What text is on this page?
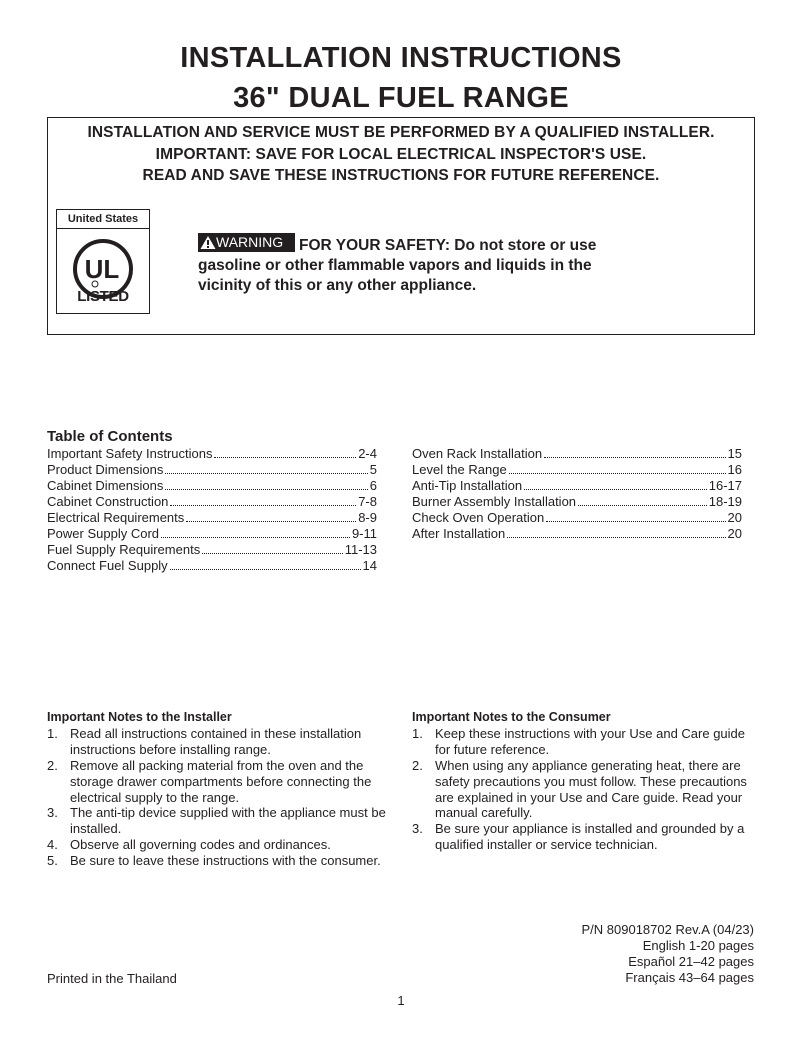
INSTALLATION INSTRUCTIONS
36" DUAL FUEL RANGE
INSTALLATION AND SERVICE MUST BE PERFORMED BY A QUALIFIED INSTALLER.
IMPORTANT: SAVE FOR LOCAL ELECTRICAL INSPECTOR'S USE.
READ AND SAVE THESE INSTRUCTIONS FOR FUTURE REFERENCE.
United States
UL
LISTED
FOR YOUR SAFETY: Do not store or use gasoline or other flammable vapors and liquids in the vicinity of this or any other appliance.
WARNING
Table of Contents
Important Safety Instructions	2-4
Product Dimensions	5
Cabinet Dimensions	6
Cabinet Construction	7-8
Electrical Requirements	8-9
Power Supply Cord	9-11
Fuel Supply Requirements	11-13
Connect Fuel Supply	14
Oven Rack Installation	15
Level the Range	16
Anti-Tip Installation	16-17
Burner Assembly Installation	18-19
Check Oven Operation	20
After Installation	20
Important Notes to the Installer
1. Read all instructions contained in these installation instructions before installing range.
2. Remove all packing material from the oven and the storage drawer compartments before connecting the electrical supply to the range.
3. The anti-tip device supplied with the appliance must be installed.
4. Observe all governing codes and ordinances.
5. Be sure to leave these instructions with the consumer.
Important Notes to the Consumer
1. Keep these instructions with your Use and Care guide for future reference.
2. When using any appliance generating heat, there are safety precautions you must follow. These precautions are explained in your Use and Care guide. Read your manual carefully.
3. Be sure your appliance is installed and grounded by a qualified installer or service technician.
P/N 809018702 Rev.A (04/23)
English 1-20 pages
Español 21–42 pages
Français 43–64 pages
Printed in the Thailand
1
